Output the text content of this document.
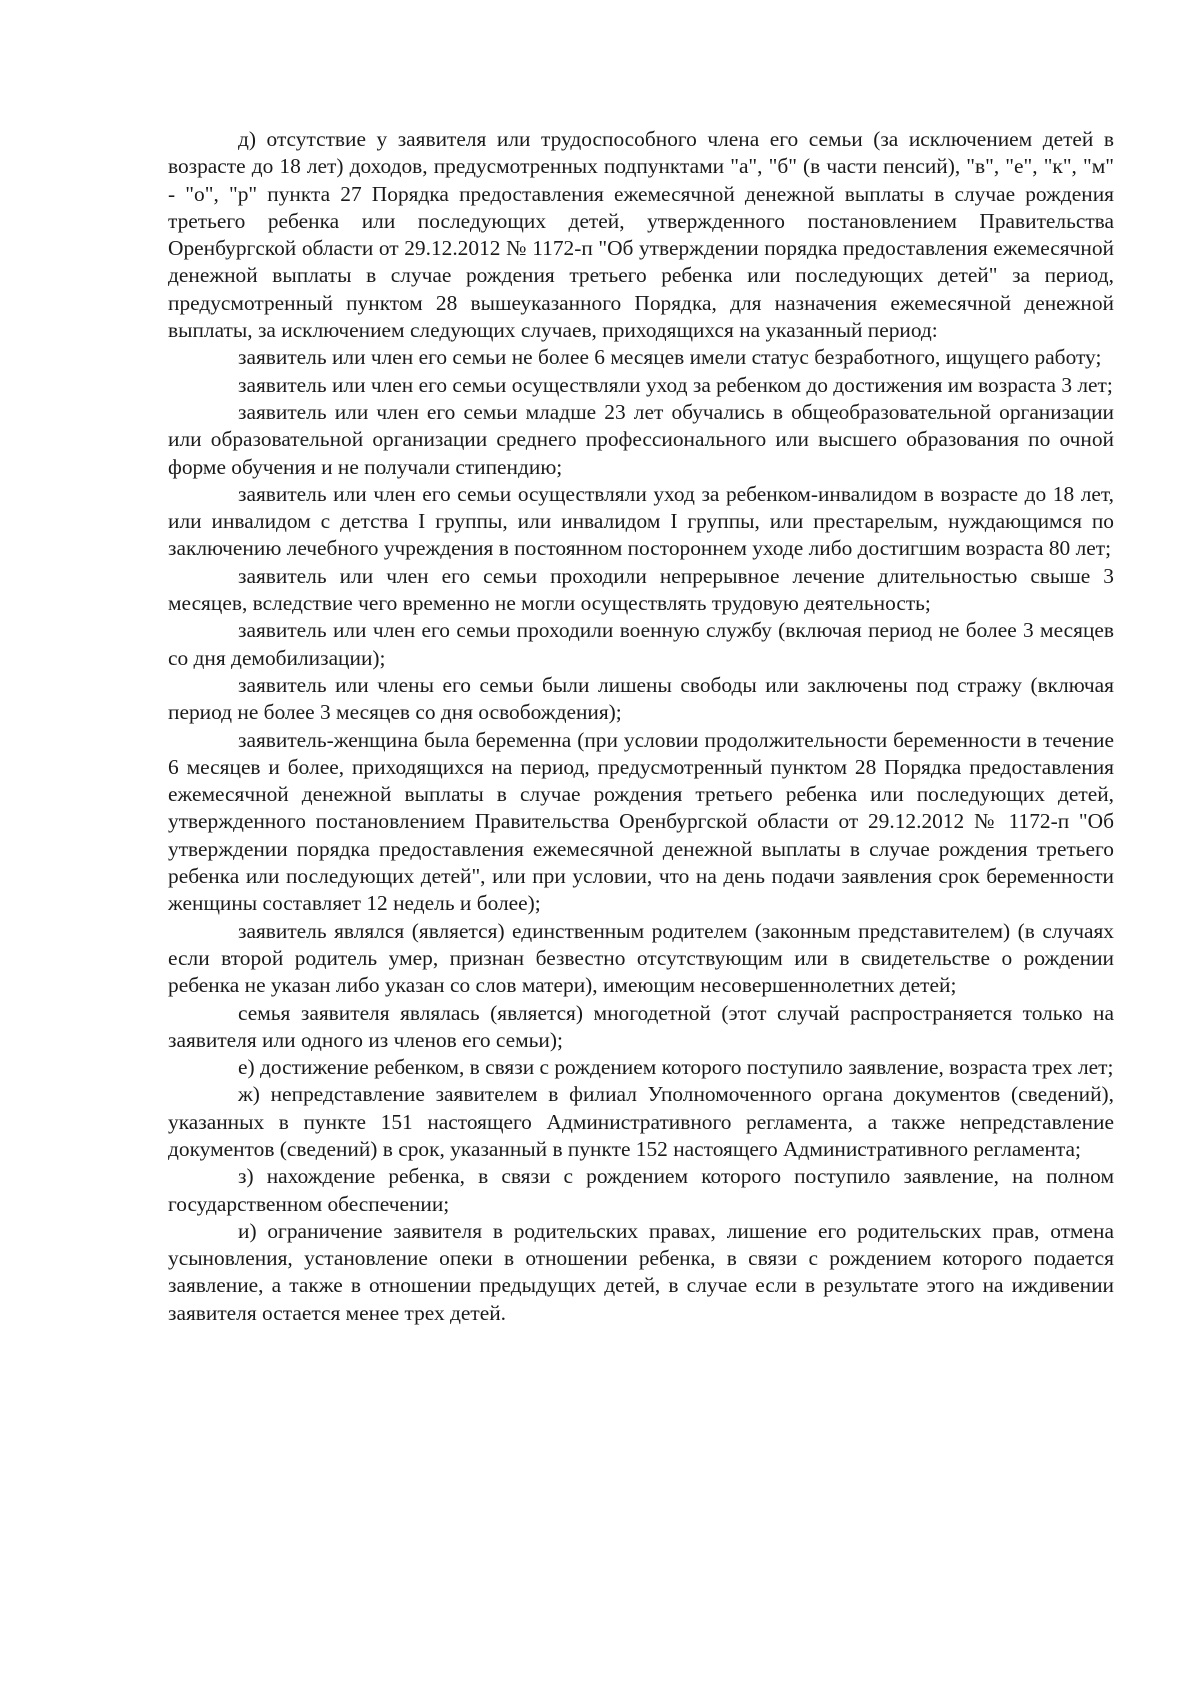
д) отсутствие у заявителя или трудоспособного члена его семьи (за исключением детей в возрасте до 18 лет) доходов, предусмотренных подпунктами "а", "б" (в части пенсий), "в", "е", "к", "м" - "о", "р" пункта 27 Порядка предоставления ежемесячной денежной выплаты в случае рождения третьего ребенка или последующих детей, утвержденного постановлением Правительства Оренбургской области от 29.12.2012 № 1172-п "Об утверждении порядка предоставления ежемесячной денежной выплаты в случае рождения третьего ребенка или последующих детей" за период, предусмотренный пунктом 28 вышеуказанного Порядка, для назначения ежемесячной денежной выплаты, за исключением следующих случаев, приходящихся на указанный период:

заявитель или член его семьи не более 6 месяцев имели статус безработного, ищущего работу;

заявитель или член его семьи осуществляли уход за ребенком до достижения им возраста 3 лет;

заявитель или член его семьи младше 23 лет обучались в общеобразовательной организации или образовательной организации среднего профессионального или высшего образования по очной форме обучения и не получали стипендию;

заявитель или член его семьи осуществляли уход за ребенком-инвалидом в возрасте до 18 лет, или инвалидом с детства I группы, или инвалидом I группы, или престарелым, нуждающимся по заключению лечебного учреждения в постоянном постороннем уходе либо достигшим возраста 80 лет;

заявитель или член его семьи проходили непрерывное лечение длительностью свыше 3 месяцев, вследствие чего временно не могли осуществлять трудовую деятельность;

заявитель или член его семьи проходили военную службу (включая период не более 3 месяцев со дня демобилизации);

заявитель или члены его семьи были лишены свободы или заключены под стражу (включая период не более 3 месяцев со дня освобождения);

заявитель-женщина была беременна (при условии продолжительности беременности в течение 6 месяцев и более, приходящихся на период, предусмотренный пунктом 28 Порядка предоставления ежемесячной денежной выплаты в случае рождения третьего ребенка или последующих детей, утвержденного постановлением Правительства Оренбургской области от 29.12.2012 № 1172-п "Об утверждении порядка предоставления ежемесячной денежной выплаты в случае рождения третьего ребенка или последующих детей", или при условии, что на день подачи заявления срок беременности женщины составляет 12 недель и более);

заявитель являлся (является) единственным родителем (законным представителем) (в случаях если второй родитель умер, признан безвестно отсутствующим или в свидетельстве о рождении ребенка не указан либо указан со слов матери), имеющим несовершеннолетних детей;

семья заявителя являлась (является) многодетной (этот случай распространяется только на заявителя или одного из членов его семьи);

е) достижение ребенком, в связи с рождением которого поступило заявление, возраста трех лет;

ж) непредставление заявителем в филиал Уполномоченного органа документов (сведений), указанных в пункте 151 настоящего Административного регламента, а также непредставление документов (сведений) в срок, указанный в пункте 152 настоящего Административного регламента;

з) нахождение ребенка, в связи с рождением которого поступило заявление, на полном государственном обеспечении;

и) ограничение заявителя в родительских правах, лишение его родительских прав, отмена усыновления, установление опеки в отношении ребенка, в связи с рождением которого подается заявление, а также в отношении предыдущих детей, в случае если в результате этого на иждивении заявителя остается менее трех детей.
